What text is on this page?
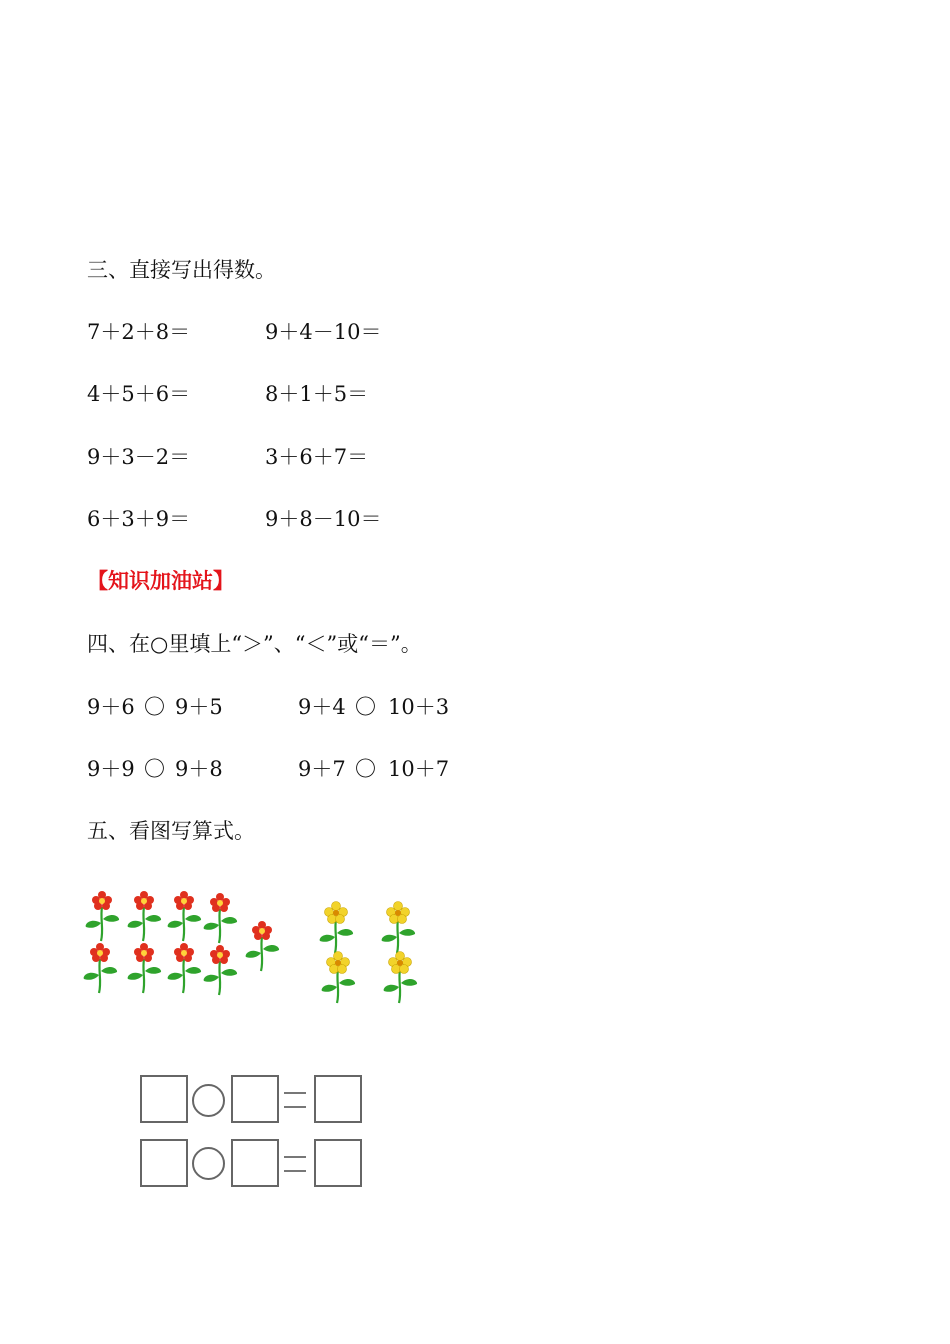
三、直接写出得数。
7＋2＋8＝	9＋4－10＝
4＋5＋6＝	8＋1＋5＝
9＋3－2＝	3＋6＋7＝
6＋3＋9＝	9＋8－10＝
【知识加油站】
四、在○里填上“＞”、“＜”或“＝”。
9＋6 〇 9＋5	9＋4 〇 10＋3
9＋9 〇 9＋8	9＋7 〇 10＋7
五、看图写算式。
